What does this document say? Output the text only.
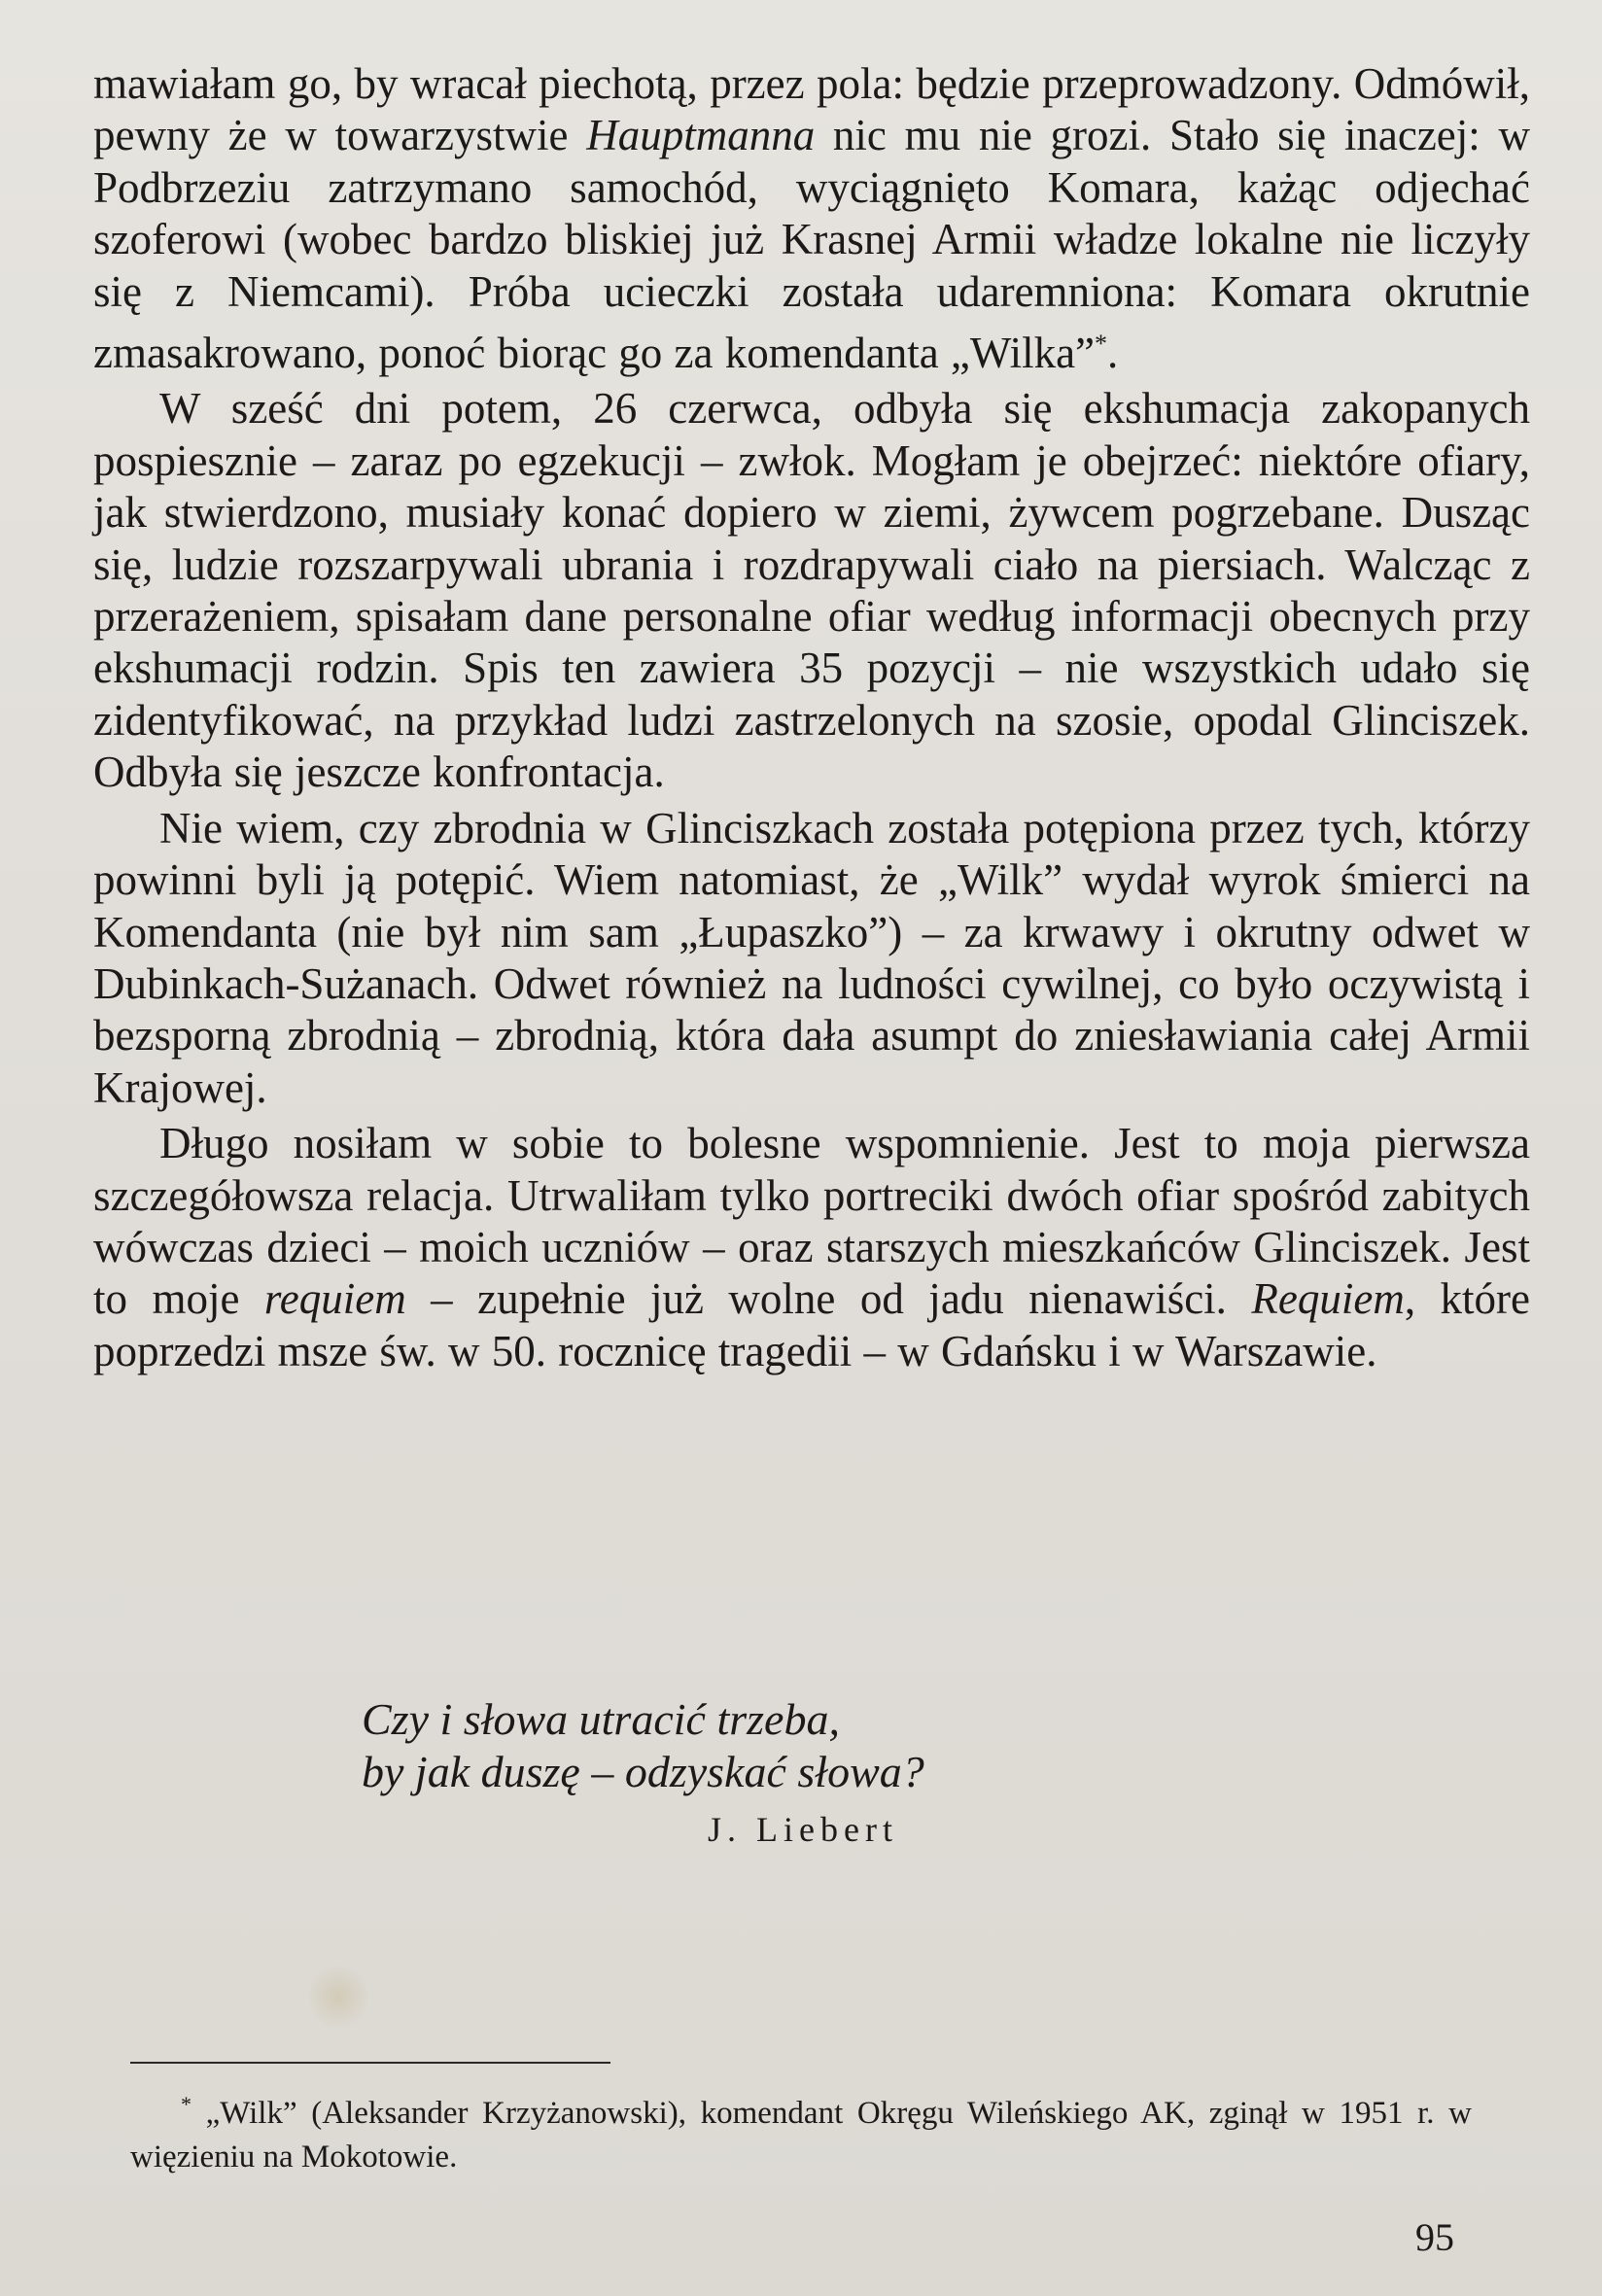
mawiałam go, by wracał piechotą, przez pola: będzie przeprowadzony. Odmówił, pewny że w towarzystwie Hauptmanna nic mu nie grozi. Stało się inaczej: w Podbrzeziu zatrzymano samochód, wyciągnięto Komara, każąc odjechać szoferowi (wobec bardzo bliskiej już Krasnej Armii władze lokalne nie liczyły się z Niemcami). Próba ucieczki została udaremniona: Komara okrutnie zmasakrowano, ponoć biorąc go za komendanta „Wilka”*.

W sześć dni potem, 26 czerwca, odbyła się ekshumacja zakopanych pospiesznie – zaraz po egzekucji – zwłok. Mogłam je obejrzeć: niektóre ofiary, jak stwierdzono, musiały konać dopiero w ziemi, żywcem pogrzebane. Dusząc się, ludzie rozszarpywali ubrania i rozdrapywali ciało na piersiach. Walcząc z przerażeniem, spisałam dane personalne ofiar według informacji obecnych przy ekshumacji rodzin. Spis ten zawiera 35 pozycji – nie wszystkich udało się zidentyfikować, na przykład ludzi zastrzelonych na szosie, opodal Glinciszek. Odbyła się jeszcze konfrontacja.

Nie wiem, czy zbrodnia w Glinciszkach została potępiona przez tych, którzy powinni byli ją potępić. Wiem natomiast, że „Wilk” wydał wyrok śmierci na Komendanta (nie był nim sam „Łupaszko”) – za krwawy i okrutny odwet w Dubinkach-Sużanach. Odwet również na ludności cywilnej, co było oczywistą i bezsporną zbrodnią – zbrodnią, która dała asumpt do zniesławiania całej Armii Krajowej.

Długo nosiłam w sobie to bolesne wspomnienie. Jest to moja pierwsza szczegółowsza relacja. Utrwaliłam tylko portreciki dwóch ofiar spośród zabitych wówczas dzieci – moich uczniów – oraz starszych mieszkańców Glinciszek. Jest to moje requiem – zupełnie już wolne od jadu nienawiści. Requiem, które poprzedzi msze św. w 50. rocznicę tragedii – w Gdańsku i w Warszawie.

Czy i słowa utracić trzeba,
by jak duszę – odzyskać słowa?
J. Liebert
* „Wilk” (Aleksander Krzyżanowski), komendant Okręgu Wileńskiego AK, zginął w 1951 r. w więzieniu na Mokotowie.
95
